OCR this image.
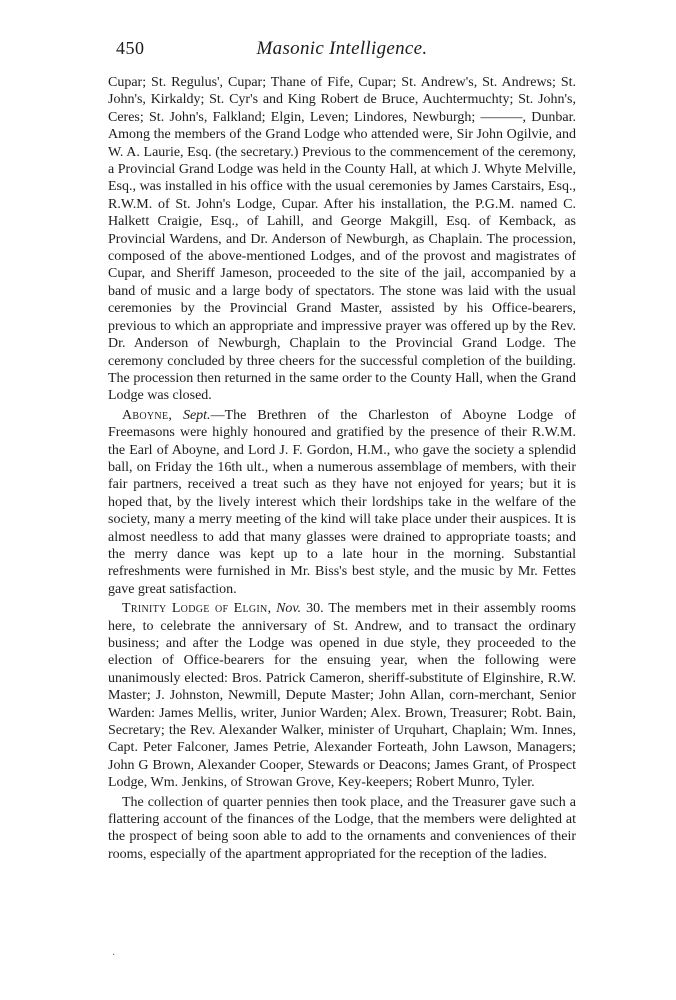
450	Masonic Intelligence.

Cupar; St. Regulus', Cupar; Thane of Fife, Cupar; St. Andrew's, St. Andrews; St. John's, Kirkaldy; St. Cyr's and King Robert de Bruce, Auchtermuchty; St. John's, Ceres; St. John's, Falkland; Elgin, Leven; Lindores, Newburgh; ———, Dunbar. Among the members of the Grand Lodge who attended were, Sir John Ogilvie, and W. A. Laurie, Esq. (the secretary.) Previous to the commencement of the ceremony, a Provincial Grand Lodge was held in the County Hall, at which J. Whyte Melville, Esq., was installed in his office with the usual ceremonies by James Carstairs, Esq., R.W.M. of St. John's Lodge, Cupar. After his installation, the P.G.M. named C. Halkett Craigie, Esq., of Lahill, and George Makgill, Esq. of Kemback, as Provincial Wardens, and Dr. Anderson of Newburgh, as Chaplain. The procession, composed of the above-mentioned Lodges, and of the provost and magistrates of Cupar, and Sheriff Jameson, proceeded to the site of the jail, accompanied by a band of music and a large body of spectators. The stone was laid with the usual ceremonies by the Provincial Grand Master, assisted by his Office-bearers, previous to which an appropriate and impressive prayer was offered up by the Rev. Dr. Anderson of Newburgh, Chaplain to the Provincial Grand Lodge. The ceremony concluded by three cheers for the successful completion of the building. The procession then returned in the same order to the County Hall, when the Grand Lodge was closed.

Aboyne, Sept.—The Brethren of the Charleston of Aboyne Lodge of Freemasons were highly honoured and gratified by the presence of their R.W.M. the Earl of Aboyne, and Lord J. F. Gordon, H.M., who gave the society a splendid ball, on Friday the 16th ult., when a numerous assemblage of members, with their fair partners, received a treat such as they have not enjoyed for years; but it is hoped that, by the lively interest which their lordships take in the welfare of the society, many a merry meeting of the kind will take place under their auspices. It is almost needless to add that many glasses were drained to appropriate toasts; and the merry dance was kept up to a late hour in the morning. Substantial refreshments were furnished in Mr. Biss's best style, and the music by Mr. Fettes gave great satisfaction.

Trinity Lodge of Elgin, Nov. 30. The members met in their assembly rooms here, to celebrate the anniversary of St. Andrew, and to transact the ordinary business; and after the Lodge was opened in due style, they proceeded to the election of Office-bearers for the ensuing year, when the following were unanimously elected: Bros. Patrick Cameron, sheriff-substitute of Elginshire, R.W. Master; J. Johnston, Newmill, Depute Master; John Allan, corn-merchant, Senior Warden: James Mellis, writer, Junior Warden; Alex. Brown, Treasurer; Robt. Bain, Secretary; the Rev. Alexander Walker, minister of Urquhart, Chaplain; Wm. Innes, Capt. Peter Falconer, James Petrie, Alexander Forteath, John Lawson, Managers; John G Brown, Alexander Cooper, Stewards or Deacons; James Grant, of Prospect Lodge, Wm. Jenkins, of Strowan Grove, Key-keepers; Robert Munro, Tyler.

The collection of quarter pennies then took place, and the Treasurer gave such a flattering account of the finances of the Lodge, that the members were delighted at the prospect of being soon able to add to the ornaments and conveniences of their rooms, especially of the apartment appropriated for the reception of the ladies.

·
